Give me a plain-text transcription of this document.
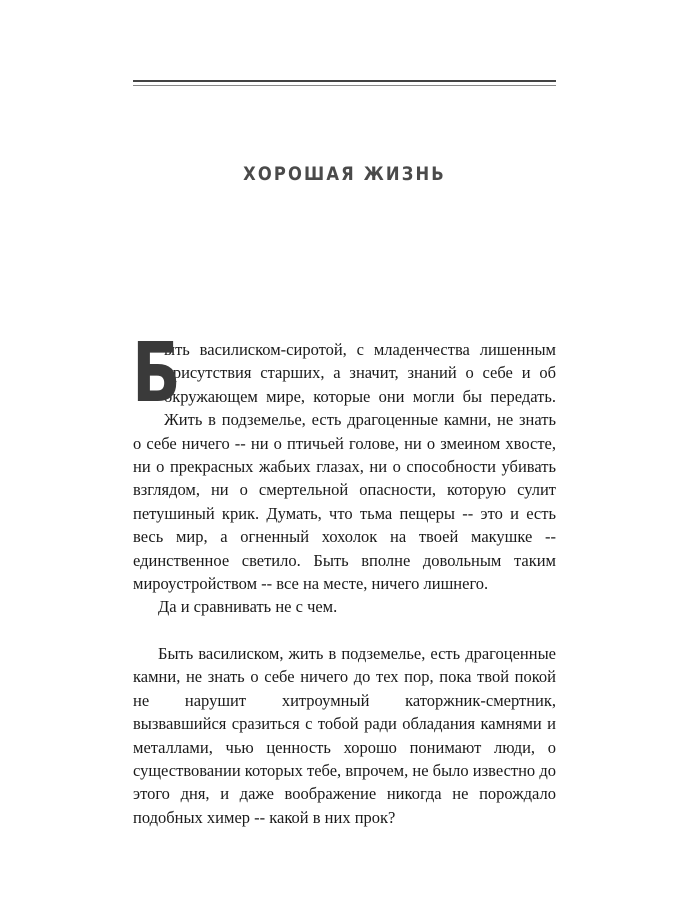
ХОРОШАЯ ЖИЗНЬ

Б
ыть василиском-сиротой, с младенчества лишенным присутствия старших, а значит, знаний о себе и об окружающем мире, которые они могли бы передать. Жить в подземелье, есть драгоценные камни, не знать о себе ничего -- ни о птичьей голове, ни о змеином хвосте, ни о прекрасных жабьих глазах, ни о способности убивать взглядом, ни о смертельной опасности, которую сулит петушиный крик. Думать, что тьма пещеры -- это и есть весь мир, а огненный хохолок на твоей макушке -- единственное светило. Быть вполне довольным таким мироустройством -- все на месте, ничего лишнего.

Да и сравнивать не с чем.

Быть василиском, жить в подземелье, есть драгоценные камни, не знать о себе ничего до тех пор, пока твой покой не нарушит хитроумный каторжник-смертник, вызвавшийся сразиться с тобой ради обладания камнями и металлами, чью ценность хорошо понимают люди, о существовании которых тебе, впрочем, не было известно до этого дня, и даже воображение никогда не порождало подобных химер -- какой в них прок?
